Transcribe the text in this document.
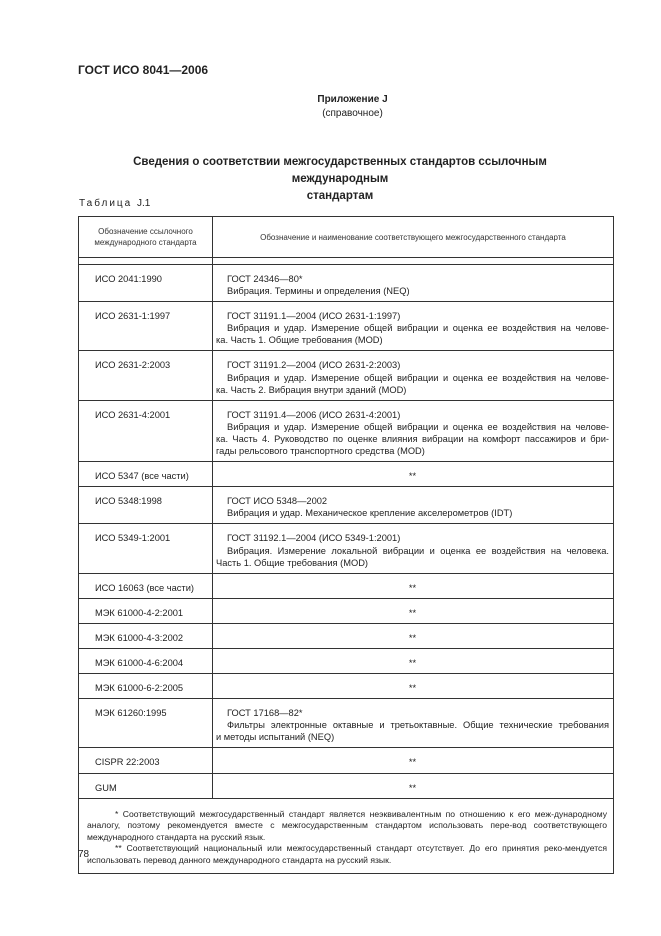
ГОСТ ИСО 8041—2006
Приложение J
(справочное)
Сведения о соответствии межгосударственных стандартов ссылочным международным
стандартам
Таблица J.1
Обозначение ссылочного
международного стандарта	Обозначение и наименование соответствующего межгосударственного стандарта

ИСО 2041:1990	ГОСТ 24346—80*
Вибрация. Термины и определения (NEQ)

ИСО 2631-1:1997	ГОСТ 31191.1—2004 (ИСО 2631-1:1997)
Вибрация и удар. Измерение общей вибрации и оценка ее воздействия на челове-
ка. Часть 1. Общие требования (MOD)

ИСО 2631-2:2003	ГОСТ 31191.2—2004 (ИСО 2631-2:2003)
Вибрация и удар. Измерение общей вибрации и оценка ее воздействия на челове-
ка. Часть 2. Вибрация внутри зданий (MOD)

ИСО 2631-4:2001	ГОСТ 31191.4—2006 (ИСО 2631-4:2001)
Вибрация и удар. Измерение общей вибрации и оценка ее воздействия на челове-
ка. Часть 4. Руководство по оценке влияния вибрации на комфорт пассажиров и бри-
гады рельсового транспортного средства (MOD)

ИСО 5347 (все части)	**

ИСО 5348:1998	ГОСТ ИСО 5348—2002
Вибрация и удар. Механическое крепление акселерометров (IDT)

ИСО 5349-1:2001	ГОСТ 31192.1—2004 (ИСО 5349-1:2001)
Вибрация. Измерение локальной вибрации и оценка ее воздействия на человека.
Часть 1. Общие требования (MOD)

ИСО 16063 (все части)	**

МЭК 61000-4-2:2001	**

МЭК 61000-4-3:2002	**

МЭК 61000-4-6:2004	**

МЭК 61000-6-2:2005	**

МЭК 61260:1995	ГОСТ 17168—82*
Фильтры электронные октавные и третьоктавные. Общие технические требования
и методы испытаний (NEQ)

CISPR 22:2003	**

GUM	**

* Соответствующий межгосударственный стандарт является неэквивалентным по отношению к его меж-дународному аналогу, поэтому рекомендуется вместе с межгосударственным стандартом использовать пере-вод соответствующего международного стандарта на русский язык.
** Соответствующий национальный или межгосударственный стандарт отсутствует. До его принятия реко-мендуется использовать перевод данного международного стандарта на русский язык.	
78
